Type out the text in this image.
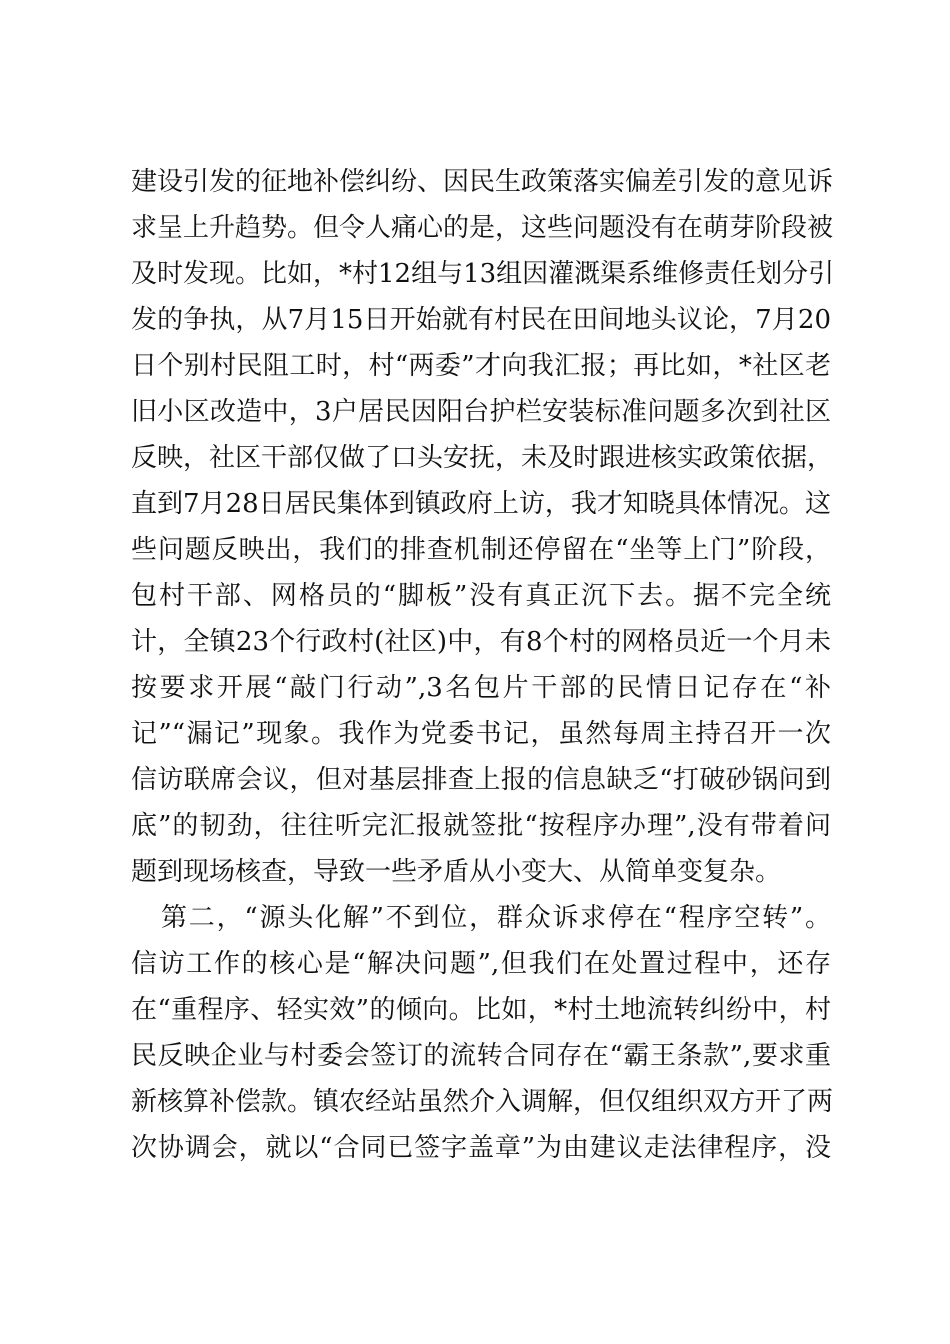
建设引发的征地补偿纠纷、因民生政策落实偏差引发的意见诉
求呈上升趋势。但令人痛心的是，这些问题没有在萌芽阶段被
及时发现。比如，*村12组与13组因灌溉渠系维修责任划分引
发的争执，从7月15日开始就有村民在田间地头议论，7月20
日个别村民阻工时，村“两委”才向我汇报；再比如，*社区老
旧小区改造中，3户居民因阳台护栏安装标准问题多次到社区
反映，社区干部仅做了口头安抚，未及时跟进核实政策依据，
直到7月28日居民集体到镇政府上访，我才知晓具体情况。这
些问题反映出，我们的排查机制还停留在“坐等上门”阶段，
包村干部、网格员的“脚板”没有真正沉下去。据不完全统
计，全镇23个行政村(社区)中，有8个村的网格员近一个月未
按要求开展“敲门行动”,3名包片干部的民情日记存在“补
记”“漏记”现象。我作为党委书记，虽然每周主持召开一次
信访联席会议，但对基层排查上报的信息缺乏“打破砂锅问到
底”的韧劲，往往听完汇报就签批“按程序办理”,没有带着问
题到现场核查，导致一些矛盾从小变大、从简单变复杂。
第二，“源头化解”不到位，群众诉求停在“程序空转”。
信访工作的核心是“解决问题”,但我们在处置过程中，还存
在“重程序、轻实效”的倾向。比如，*村土地流转纠纷中，村
民反映企业与村委会签订的流转合同存在“霸王条款”,要求重
新核算补偿款。镇农经站虽然介入调解，但仅组织双方开了两
次协调会，就以“合同已签字盖章”为由建议走法律程序，没
